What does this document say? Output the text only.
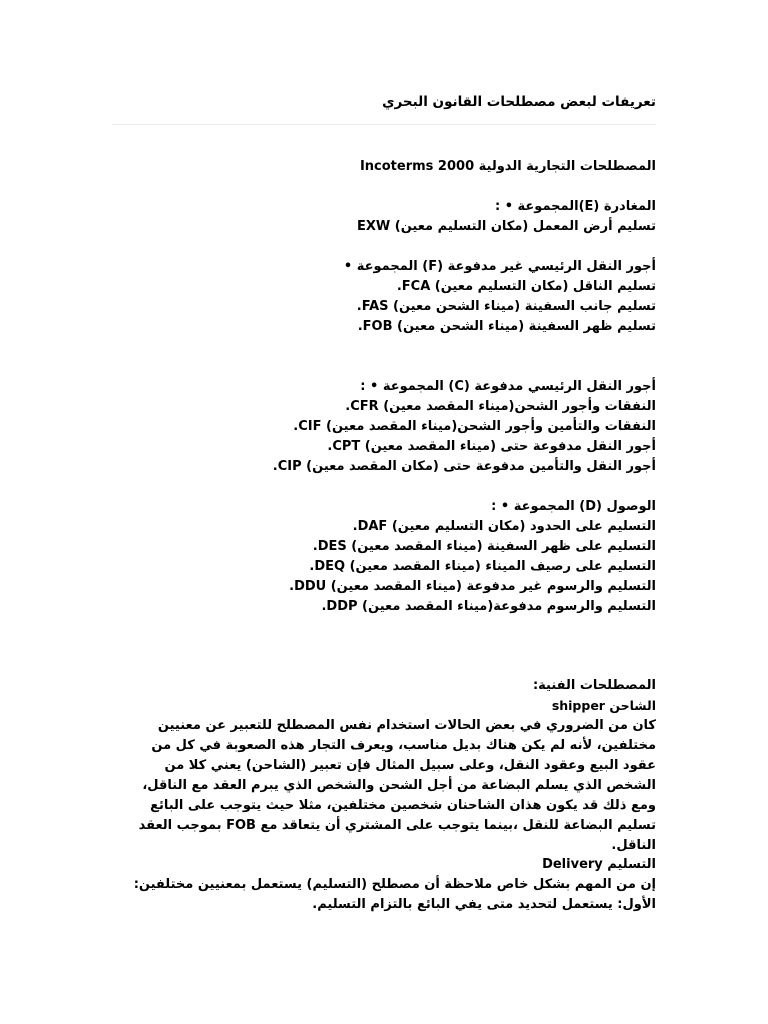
تعريفات لبعض مصطلحات القانون البحري
المصطلحات التجارية الدولية Incoterms 2000
المغادرة (E)المجموعة • :
تسليم أرض المعمل (مكان التسليم معين) EXW
أجور النقل الرئيسي غير مدفوعة (F) المجموعة •
تسليم الناقل (مكان التسليم معين) FCA.
تسليم جانب السفينة (ميناء الشحن معين) FAS.
تسليم ظهر السفينة (ميناء الشحن معين) FOB.
أجور النقل الرئيسي مدفوعة (C) المجموعة • :
النفقات وأجور الشحن(ميناء المقصد معين) CFR.
النفقات والتأمين وأجور الشحن(ميناء المقصد معين) CIF.
أجور النقل مدفوعة حتى (ميناء المقصد معين) CPT.
أجور النقل والتأمين مدفوعة حتى (مكان المقصد معين) CIP.
الوصول (D) المجموعة • :
التسليم على الحدود (مكان التسليم معين) DAF.
التسليم على ظهر السفينة (ميناء المقصد معين) DES.
التسليم على رصيف الميناء (ميناء المقصد معين) DEQ.
التسليم والرسوم غير مدفوعة (ميناء المقصد معين) DDU.
التسليم والرسوم مدفوعة(ميناء المقصد معين) DDP.
المصطلحات الفنية:
الشاحن shipper
كان من الضروري في بعض الحالات استخدام نفس المصطلح للتعبير عن معنيين
مختلفين، لأنه لم يكن هناك بديل مناسب، ويعرف التجار هذه الصعوبة في كل من
عقود البيع وعقود النقل، وعلى سبيل المثال فإن تعبير (الشاحن) يعني كلا من
الشخص الذي يسلم البضاعة من أجل الشحن والشخص الذي يبرم العقد مع الناقل،
ومع ذلك قد يكون هذان الشاحنان شخصين مختلفين، مثلا حيث يتوجب على البائع
تسليم البضاعة للنقل ،بينما يتوجب على المشتري أن يتعاقد مع FOB بموجب العقد
الناقل.
التسليم Delivery
إن من المهم بشكل خاص ملاحظة أن مصطلح (التسليم) يستعمل بمعنيين مختلفين:
الأول: يستعمل لتحديد متى يفي البائع بالتزام التسليم.
